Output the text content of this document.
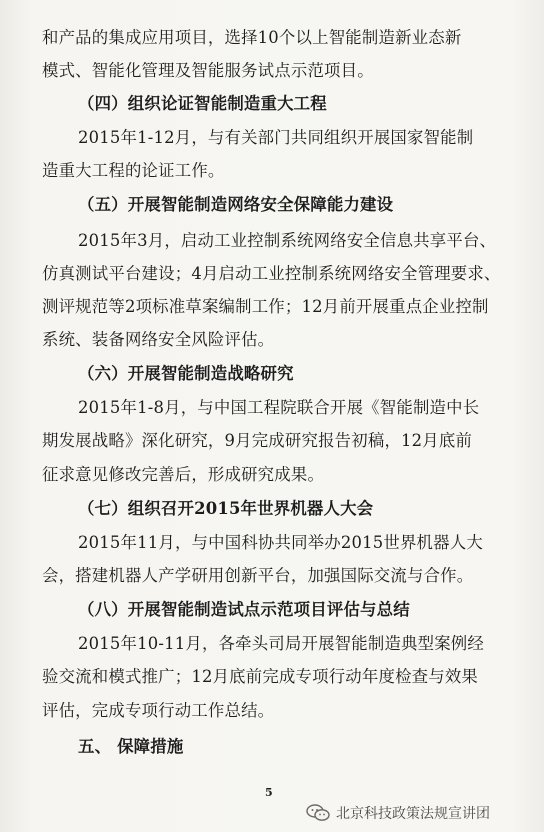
和产品的集成应用项目，选择10个以上智能制造新业态新
模式、智能化管理及智能服务试点示范项目。
（四）组织论证智能制造重大工程
2015年1-12月，与有关部门共同组织开展国家智能制
造重大工程的论证工作。
（五）开展智能制造网络安全保障能力建设
2015年3月，启动工业控制系统网络安全信息共享平台、
仿真测试平台建设；4月启动工业控制系统网络安全管理要求、
测评规范等2项标准草案编制工作；12月前开展重点企业控制
系统、装备网络安全风险评估。
（六）开展智能制造战略研究
2015年1-8月，与中国工程院联合开展《智能制造中长
期发展战略》深化研究，9月完成研究报告初稿，12月底前
征求意见修改完善后，形成研究成果。
（七）组织召开2015年世界机器人大会
2015年11月，与中国科协共同举办2015世界机器人大
会，搭建机器人产学研用创新平台，加强国际交流与合作。
（八）开展智能制造试点示范项目评估与总结
2015年10-11月，各牵头司局开展智能制造典型案例经
验交流和模式推广；12月底前完成专项行动年度检查与效果
评估，完成专项行动工作总结。
五、 保障措施
5
北京科技政策法规宣讲团
